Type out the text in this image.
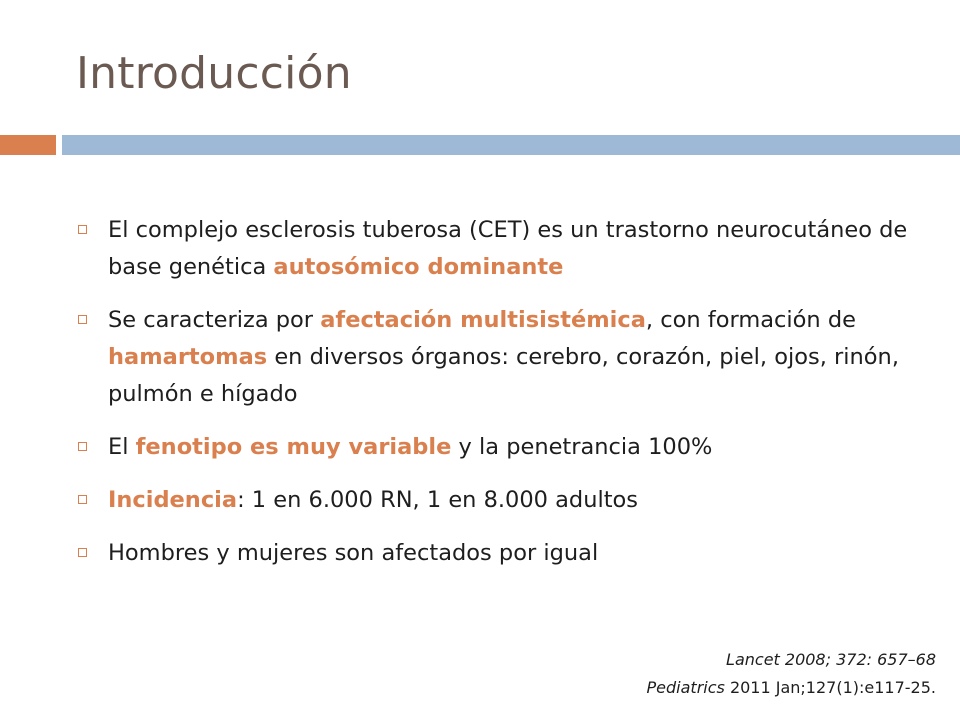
Introducción
El complejo esclerosis tuberosa (CET) es un trastorno neurocutáneo de base genética autosómico dominante
Se caracteriza por afectación multisistémica, con formación de hamartomas en diversos órganos: cerebro, corazón, piel, ojos, rinón, pulmón e hígado
El fenotipo es muy variable y la penetrancia 100%
Incidencia: 1 en 6.000 RN, 1 en 8.000 adultos
Hombres y mujeres son afectados por igual
Lancet 2008; 372: 657–68
Pediatrics 2011 Jan;127(1):e117-25.
